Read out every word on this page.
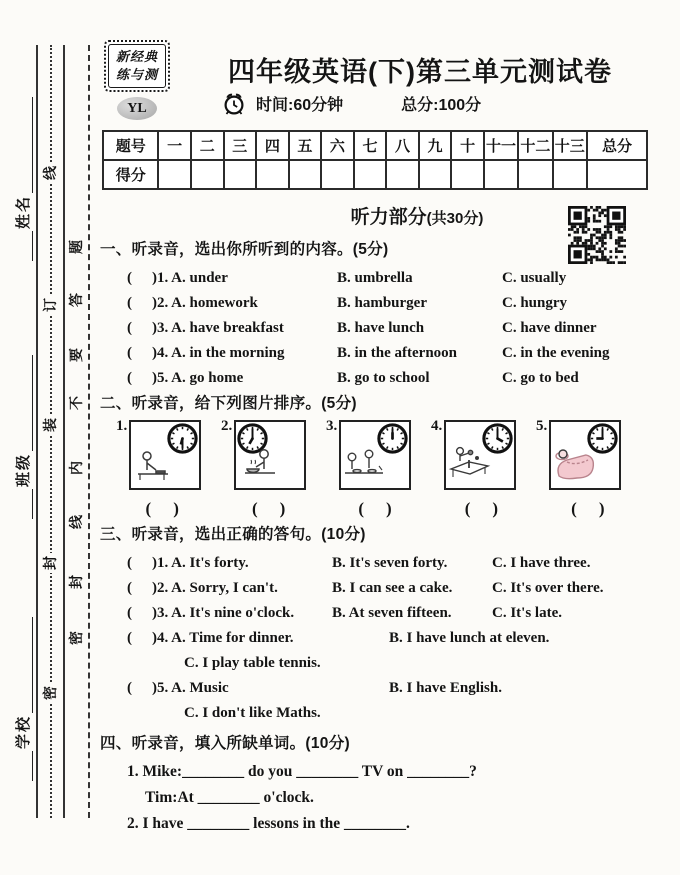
密
封
装
订
线
密
封
线
内
不
要
答
题
姓名
班级
学校
新经典
练与测	四年级英语(下)第三单元测试卷
YL	时间:60分钟	总分:100分
题号	一	二	三	四	五	六	七	八	九	十	十一	十二	十三	总分
得分														
听力部分(共30分)
一、听录音，选出你所听到的内容。(5分)
( )1. A. under	B. umbrella	C. usually
( )2. A. homework	B. hamburger	C. hungry
( )3. A. have breakfast	B. have lunch	C. have dinner
( )4. A. in the morning	B. in the afternoon	C. in the evening
( )5. A. go home	B. go to school	C. go to bed
二、听录音，给下列图片排序。(5分)
1.	2.	3.	4.	5.
( )	( )	( )	( )	( )
三、听录音，选出正确的答句。(10分)
( )1. A. It's forty.	B. It's seven forty.	C. I have three.
( )2. A. Sorry, I can't.	B. I can see a cake.	C. It's over there.
( )3. A. It's nine o'clock.	B. At seven fifteen.	C. It's late.
( )4. A. Time for dinner.	B. I have lunch at eleven.
C. I play table tennis.
( )5. A. Music	B. I have English.
C. I don't like Maths.
四、听录音，填入所缺单词。(10分)
1. Mike:________ do you ________ TV on ________?
Tim:At ________ o'clock.
2. I have ________ lessons in the ________.
